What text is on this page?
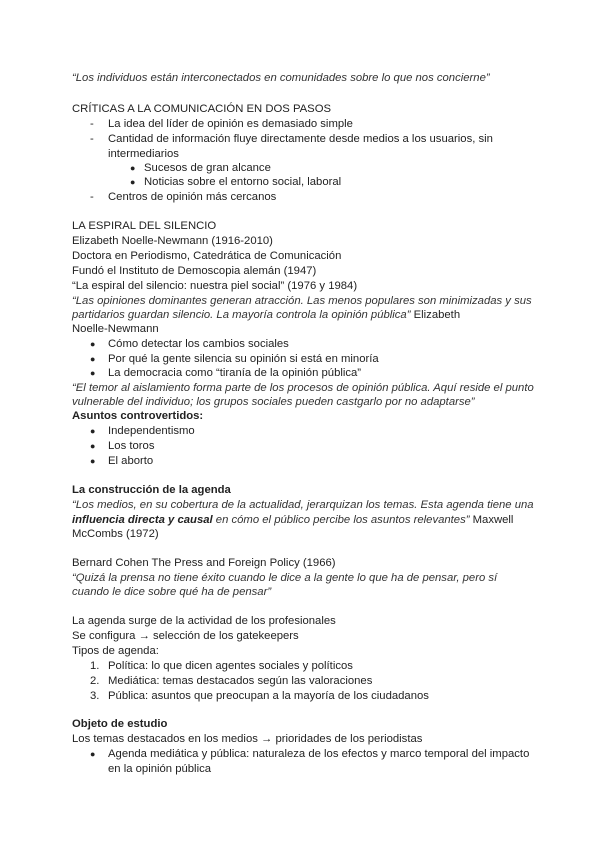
“Los individuos están interconectados en comunidades sobre lo que nos concierne”
CRÍTICAS A LA COMUNICACIÓN EN DOS PASOS
- La idea del líder de opinión es demasiado simple
- Cantidad de información fluye directamente desde medios a los usuarios, sin
intermediarios
● Sucesos de gran alcance
● Noticias sobre el entorno social, laboral
- Centros de opinión más cercanos
LA ESPIRAL DEL SILENCIO
Elizabeth Noelle-Newmann (1916-2010)
Doctora en Periodismo, Catedrática de Comunicación
Fundó el Instituto de Demoscopia alemán (1947)
“La espiral del silencio: nuestra piel social” (1976 y 1984)
“Las opiniones dominantes generan atracción. Las menos populares son minimizadas y sus
partidarios guardan silencio. La mayoría controla la opinión pública” Elizabeth
Noelle-Newmann
● Cómo detectar los cambios sociales
● Por qué la gente silencia su opinión si está en minoría
● La democracia como “tiranía de la opinión pública”
“El temor al aislamiento forma parte de los procesos de opinión pública. Aquí reside el punto
vulnerable del individuo; los grupos sociales pueden castgarlo por no adaptarse”
Asuntos controvertidos:
● Independentismo
● Los toros
● El aborto
La construcción de la agenda
“Los medios, en su cobertura de la actualidad, jerarquizan los temas. Esta agenda tiene una
influencia directa y causal en cómo el público percibe los asuntos relevantes” Maxwell
McCombs (1972)
Bernard Cohen The Press and Foreign Policy (1966)
“Quizá la prensa no tiene éxito cuando le dice a la gente lo que ha de pensar, pero sí
cuando le dice sobre qué ha de pensar”
La agenda surge de la actividad de los profesionales
Se configura → selección de los gatekeepers
Tipos de agenda:
1. Política: lo que dicen agentes sociales y políticos
2. Mediática: temas destacados según las valoraciones
3. Pública: asuntos que preocupan a la mayoría de los ciudadanos
Objeto de estudio
Los temas destacados en los medios → prioridades de los periodistas
● Agenda mediática y pública: naturaleza de los efectos y marco temporal del impacto
en la opinión pública
